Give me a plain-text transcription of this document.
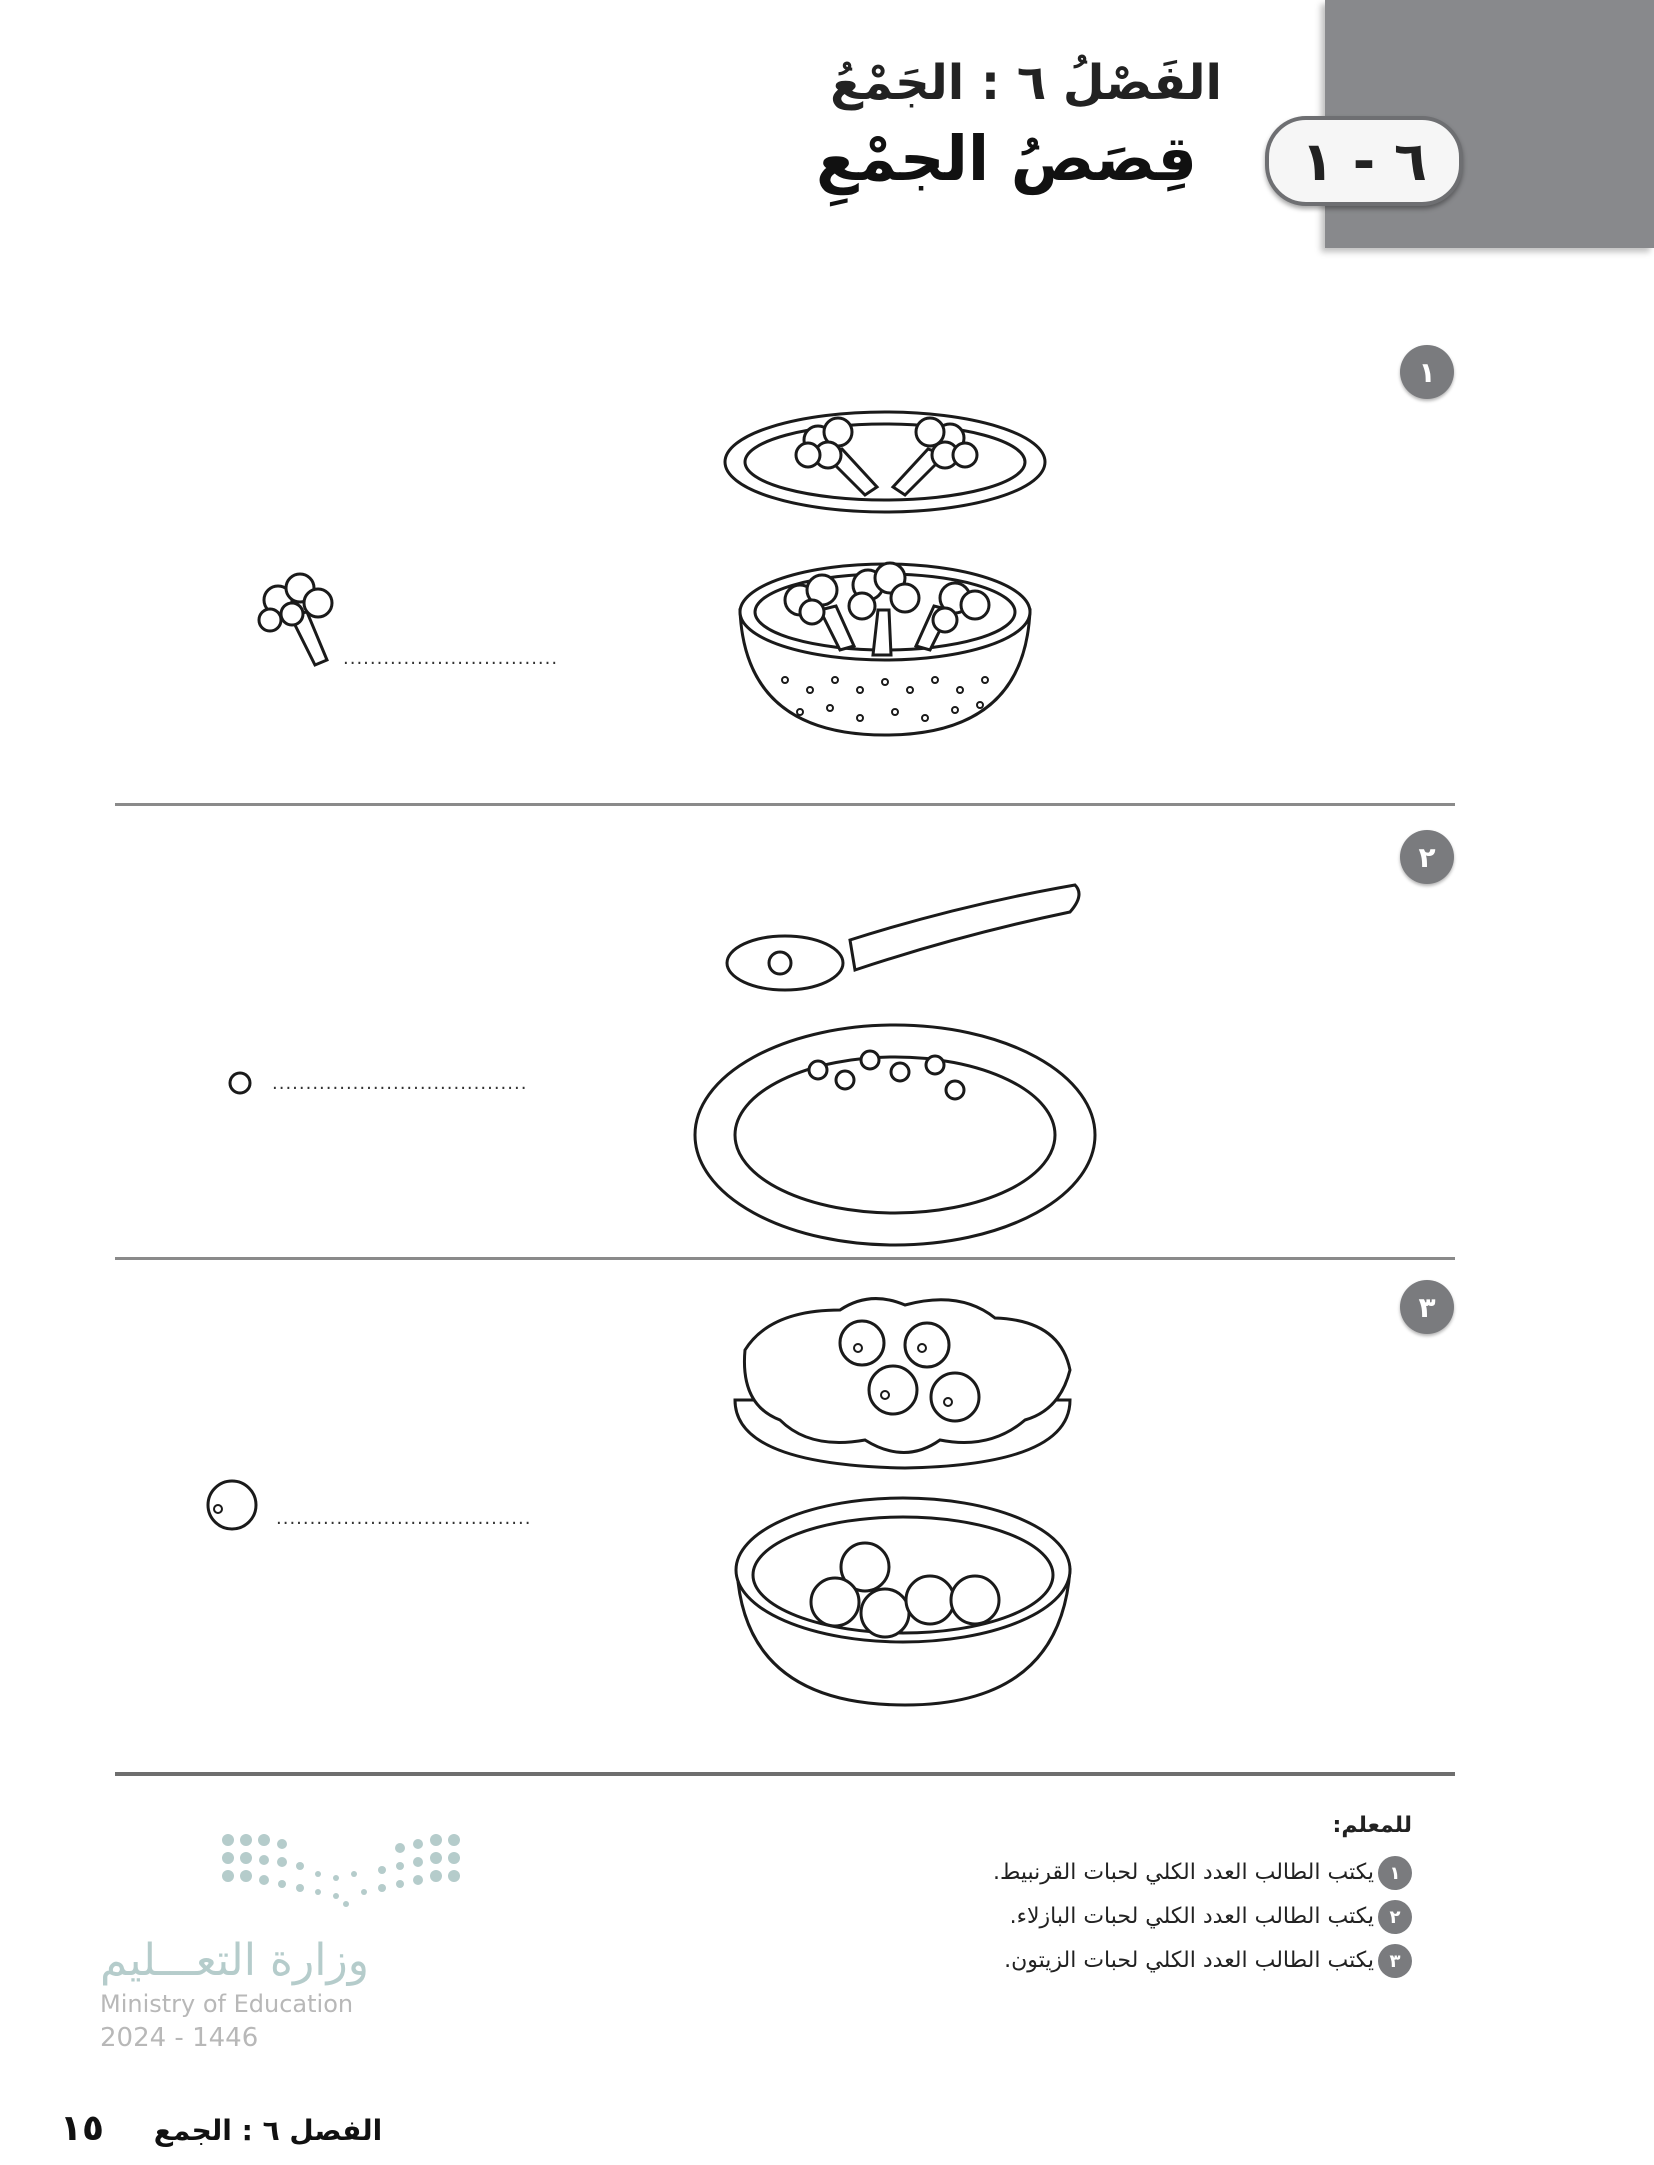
٦ - ١
الفَصْلُ ٦ : الجَمْعُ
قِصَصُ الجمْعِ
١
................................
٢
......................................
٣
......................................
للمعلم:
١يكتب الطالب العدد الكلي لحبات القرنبيط.
٢يكتب الطالب العدد الكلي لحبات البازلاء.
٣يكتب الطالب العدد الكلي لحبات الزيتون.
وزارة التعـــليم
Ministry of Education
2024 - 1446
١٥ الفصل ٦ : الجمع
